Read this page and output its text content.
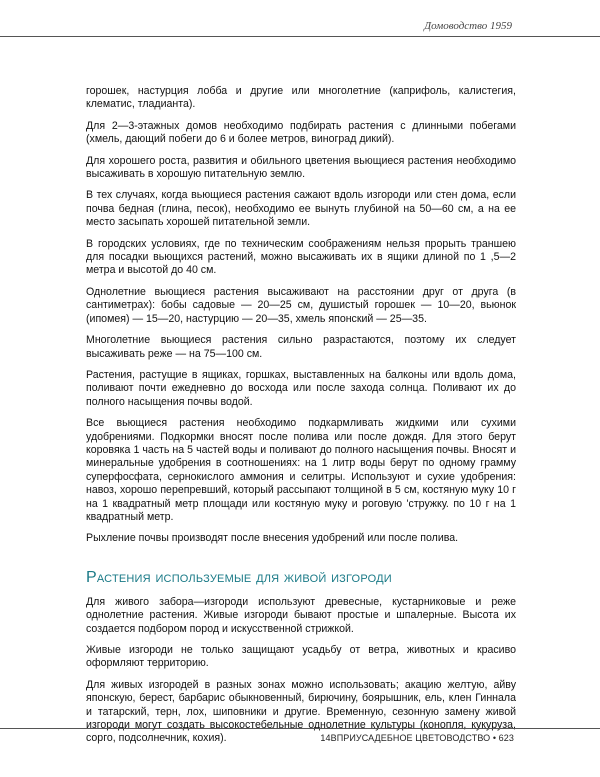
Домоводство 1959

горошек, настурция лобба и другие или многолетние (каприфоль, калистегия, клематис, тладианта).

Для 2—3-этажных домов необходимо подбирать растения с длинными побегами (хмель, дающий побеги до 6 и более метров, виноград дикий).

Для хорошего роста, развития и обильного цветения вьющиеся растения необходимо высаживать в хорошую питательную землю.

В тех случаях, когда вьющиеся растения сажают вдоль изгороди или стен дома, если почва бедная (глина, песок), необходимо ее вынуть глубиной на 50—60 см, а на ее место засыпать хорошей питательной земли.

В городских условиях, где по техническим соображениям нельзя прорыть траншею для посадки вьющихся растений, можно высаживать их в ящики длиной по 1 ,5—2 метра и высотой до 40 см.

Однолетние вьющиеся растения высаживают на расстоянии друг от друга (в сантиметрах): бобы садовые — 20—25 см, душистый горошек — 10—20, вьюнок (ипомея) — 15—20, настурцию — 20—35, хмель японский — 25—35.

Многолетние вьющиеся растения сильно разрастаются, поэтому их следует высаживать реже — на 75—100 см.

Растения, растущие в ящиках, горшках, выставленных на балконы или вдоль дома, поливают почти ежедневно до восхода или после захода солнца. Поливают их до полного насыщения почвы водой.

Все вьющиеся растения необходимо подкармливать жидкими или сухими удобрениями. Подкормки вносят после полива или после дождя. Для этого берут коровяка 1 часть на 5 частей воды и поливают до полного насыщения почвы. Вносят и минеральные удобрения в соотношениях: на 1 литр воды берут по одному грамму суперфосфата, сернокислого аммония и селитры. Используют и сухие удобрения: навоз, хорошо перепревший, который рассыпают толщиной в 5 см, костяную муку 10 г на 1 квадратный метр площади или костяную муку и роговую 'стружку. по 10 г на 1 квадратный метр.

Рыхление почвы производят после внесения удобрений или после полива.

Растения используемые для живой изгороди

Для живого забора—изгороди используют древесные, кустарниковые и реже однолетние растения. Живые изгороди бывают простые и шпалерные. Высота их создается подбором пород и искусственной стрижкой.

Живые изгороди не только защищают усадьбу от ветра, животных и красиво оформляют территорию.

Для живых изгородей в разных зонах можно использовать; акацию желтую, айву японскую, берест, барбарис обыкновенный, бирючину, боярышник, ель, клен Гиннала и татарский, терн, лох, шиповники и другие. Временную, сезонную замену живой изгороди могут создать высокостебельные однолетние культуры (конопля, кукуруза, сорго, подсолнечник, кохия).	14ВПРИУСАДЕБНОЕ ЦВЕТОВОДСТВО • 623
